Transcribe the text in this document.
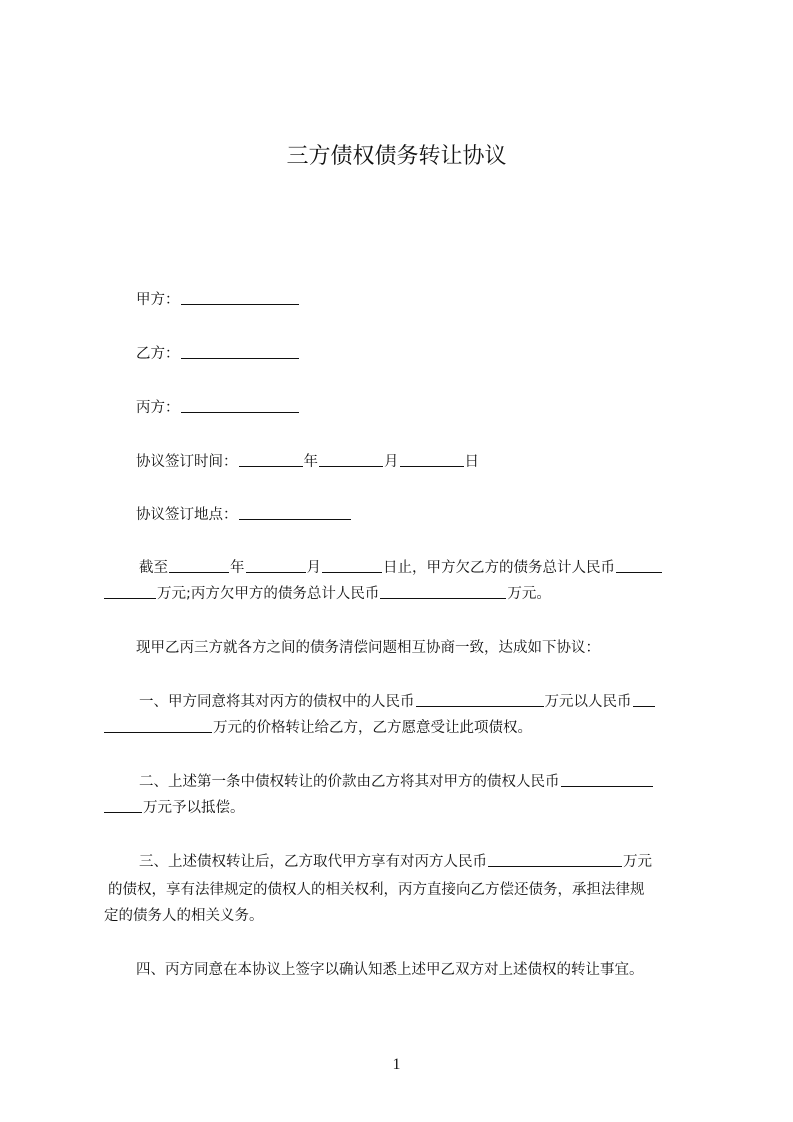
三方债权债务转让协议
甲方：
乙方：
丙方：
协议签订时间：	年	月	日
协议签订地点：
截至	年	月	日止，甲方欠乙方的债务总计人民币
万元;丙方欠甲方的债务总计人民币	万元。
现甲乙丙三方就各方之间的债务清偿问题相互协商一致，达成如下协议：
一、甲方同意将其对丙方的债权中的人民币	万元以人民币
万元的价格转让给乙方，乙方愿意受让此项债权。
二、上述第一条中债权转让的价款由乙方将其对甲方的债权人民币
万元予以抵偿。
三、上述债权转让后，乙方取代甲方享有对丙方人民币	万元
的债权，享有法律规定的债权人的相关权利，丙方直接向乙方偿还债务，承担法律规
定的债务人的相关义务。
四、丙方同意在本协议上签字以确认知悉上述甲乙双方对上述债权的转让事宜。
1
